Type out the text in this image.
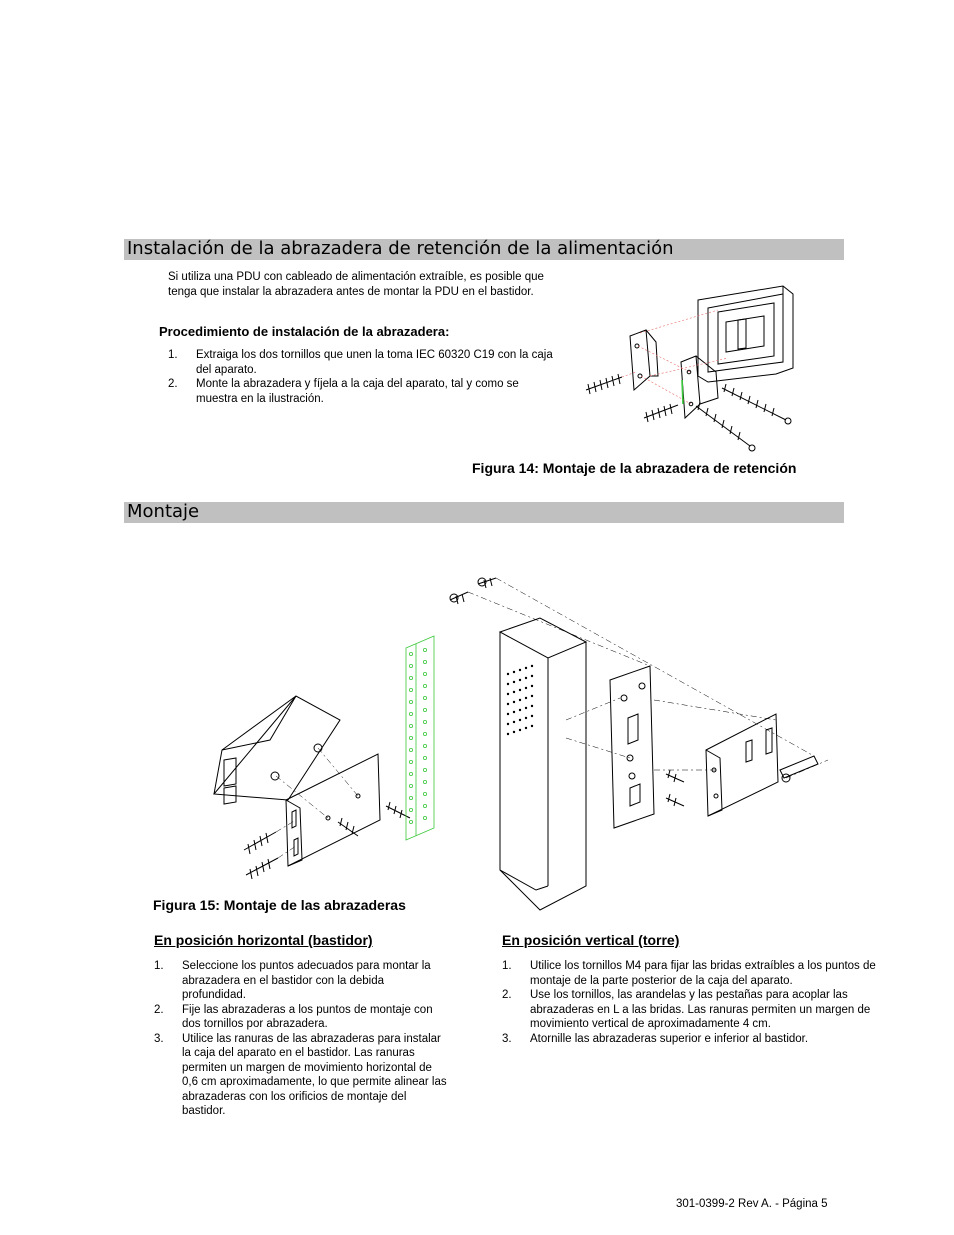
Instalación de la abrazadera de retención de la alimentación
Si utiliza una PDU con cableado de alimentación extraíble, es posible que tenga que instalar la abrazadera antes de montar la PDU en el bastidor.
Procedimiento de instalación de la abrazadera:
1. Extraiga los dos tornillos que unen la toma IEC 60320 C19 con la caja del aparato.
2. Monte la abrazadera y fíjela a la caja del aparato, tal y como se muestra en la ilustración.
Figura 14: Montaje de la abrazadera de retención
Montaje
Figura 15: Montaje de las abrazaderas
En posición horizontal (bastidor)
1. Seleccione los puntos adecuados para montar la abrazadera en el bastidor con la debida profundidad.
2. Fije las abrazaderas a los puntos de montaje con dos tornillos por abrazadera.
3. Utilice las ranuras de las abrazaderas para instalar la caja del aparato en el bastidor. Las ranuras permiten un margen de movimiento horizontal de 0,6 cm aproximadamente, lo que permite alinear las abrazaderas con los orificios de montaje del bastidor.
En posición vertical (torre)
1. Utilice los tornillos M4 para fijar las bridas extraíbles a los puntos de montaje de la parte posterior de la caja del aparato.
2. Use los tornillos, las arandelas y las pestañas para acoplar las abrazaderas en L a las bridas. Las ranuras permiten un margen de movimiento vertical de aproximadamente 4 cm.
3. Atornille las abrazaderas superior e inferior al bastidor.
301-0399-2 Rev A. - Página 5
